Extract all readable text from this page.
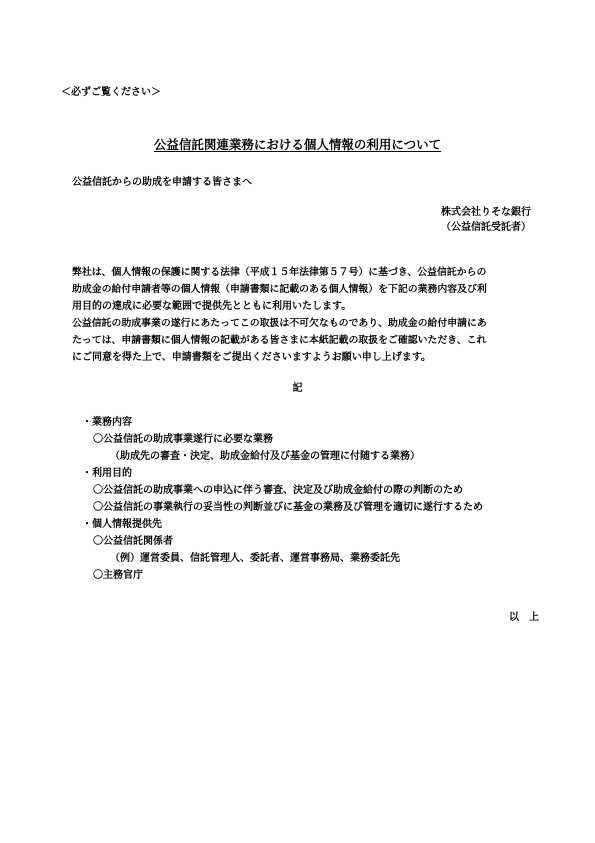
＜必ずご覧ください＞

公益信託関連業務における個人情報の利用について

公益信託からの助成を申請する皆さまへ

株式会社りそな銀行

（公益信託受託者）

弊社は、個人情報の保護に関する法律（平成１５年法律第５７号）に基づき、公益信託からの

助成金の給付申請者等の個人情報（申請書類に記載のある個人情報）を下記の業務内容及び利

用目的の達成に必要な範囲で提供先とともに利用いたします。

公益信託の助成事業の遂行にあたってこの取扱は不可欠なものであり、助成金の給付申請にあ

たっては、申請書類に個人情報の記載がある皆さまに本紙記載の取扱をご確認いただき、これ

にご同意を得た上で、申請書類をご提出くださいますようお願い申し上げます。

記

・業務内容

〇公益信託の助成事業遂行に必要な業務

（助成先の審査・決定、助成金給付及び基金の管理に付随する業務）

・利用目的

〇公益信託の助成事業への申込に伴う審査、決定及び助成金給付の際の判断のため

〇公益信託の事業執行の妥当性の判断並びに基金の業務及び管理を適切に遂行するため

・個人情報提供先

〇公益信託関係者

（例）運営委員、信託管理人、委託者、運営事務局、業務委託先

〇主務官庁

以　上
